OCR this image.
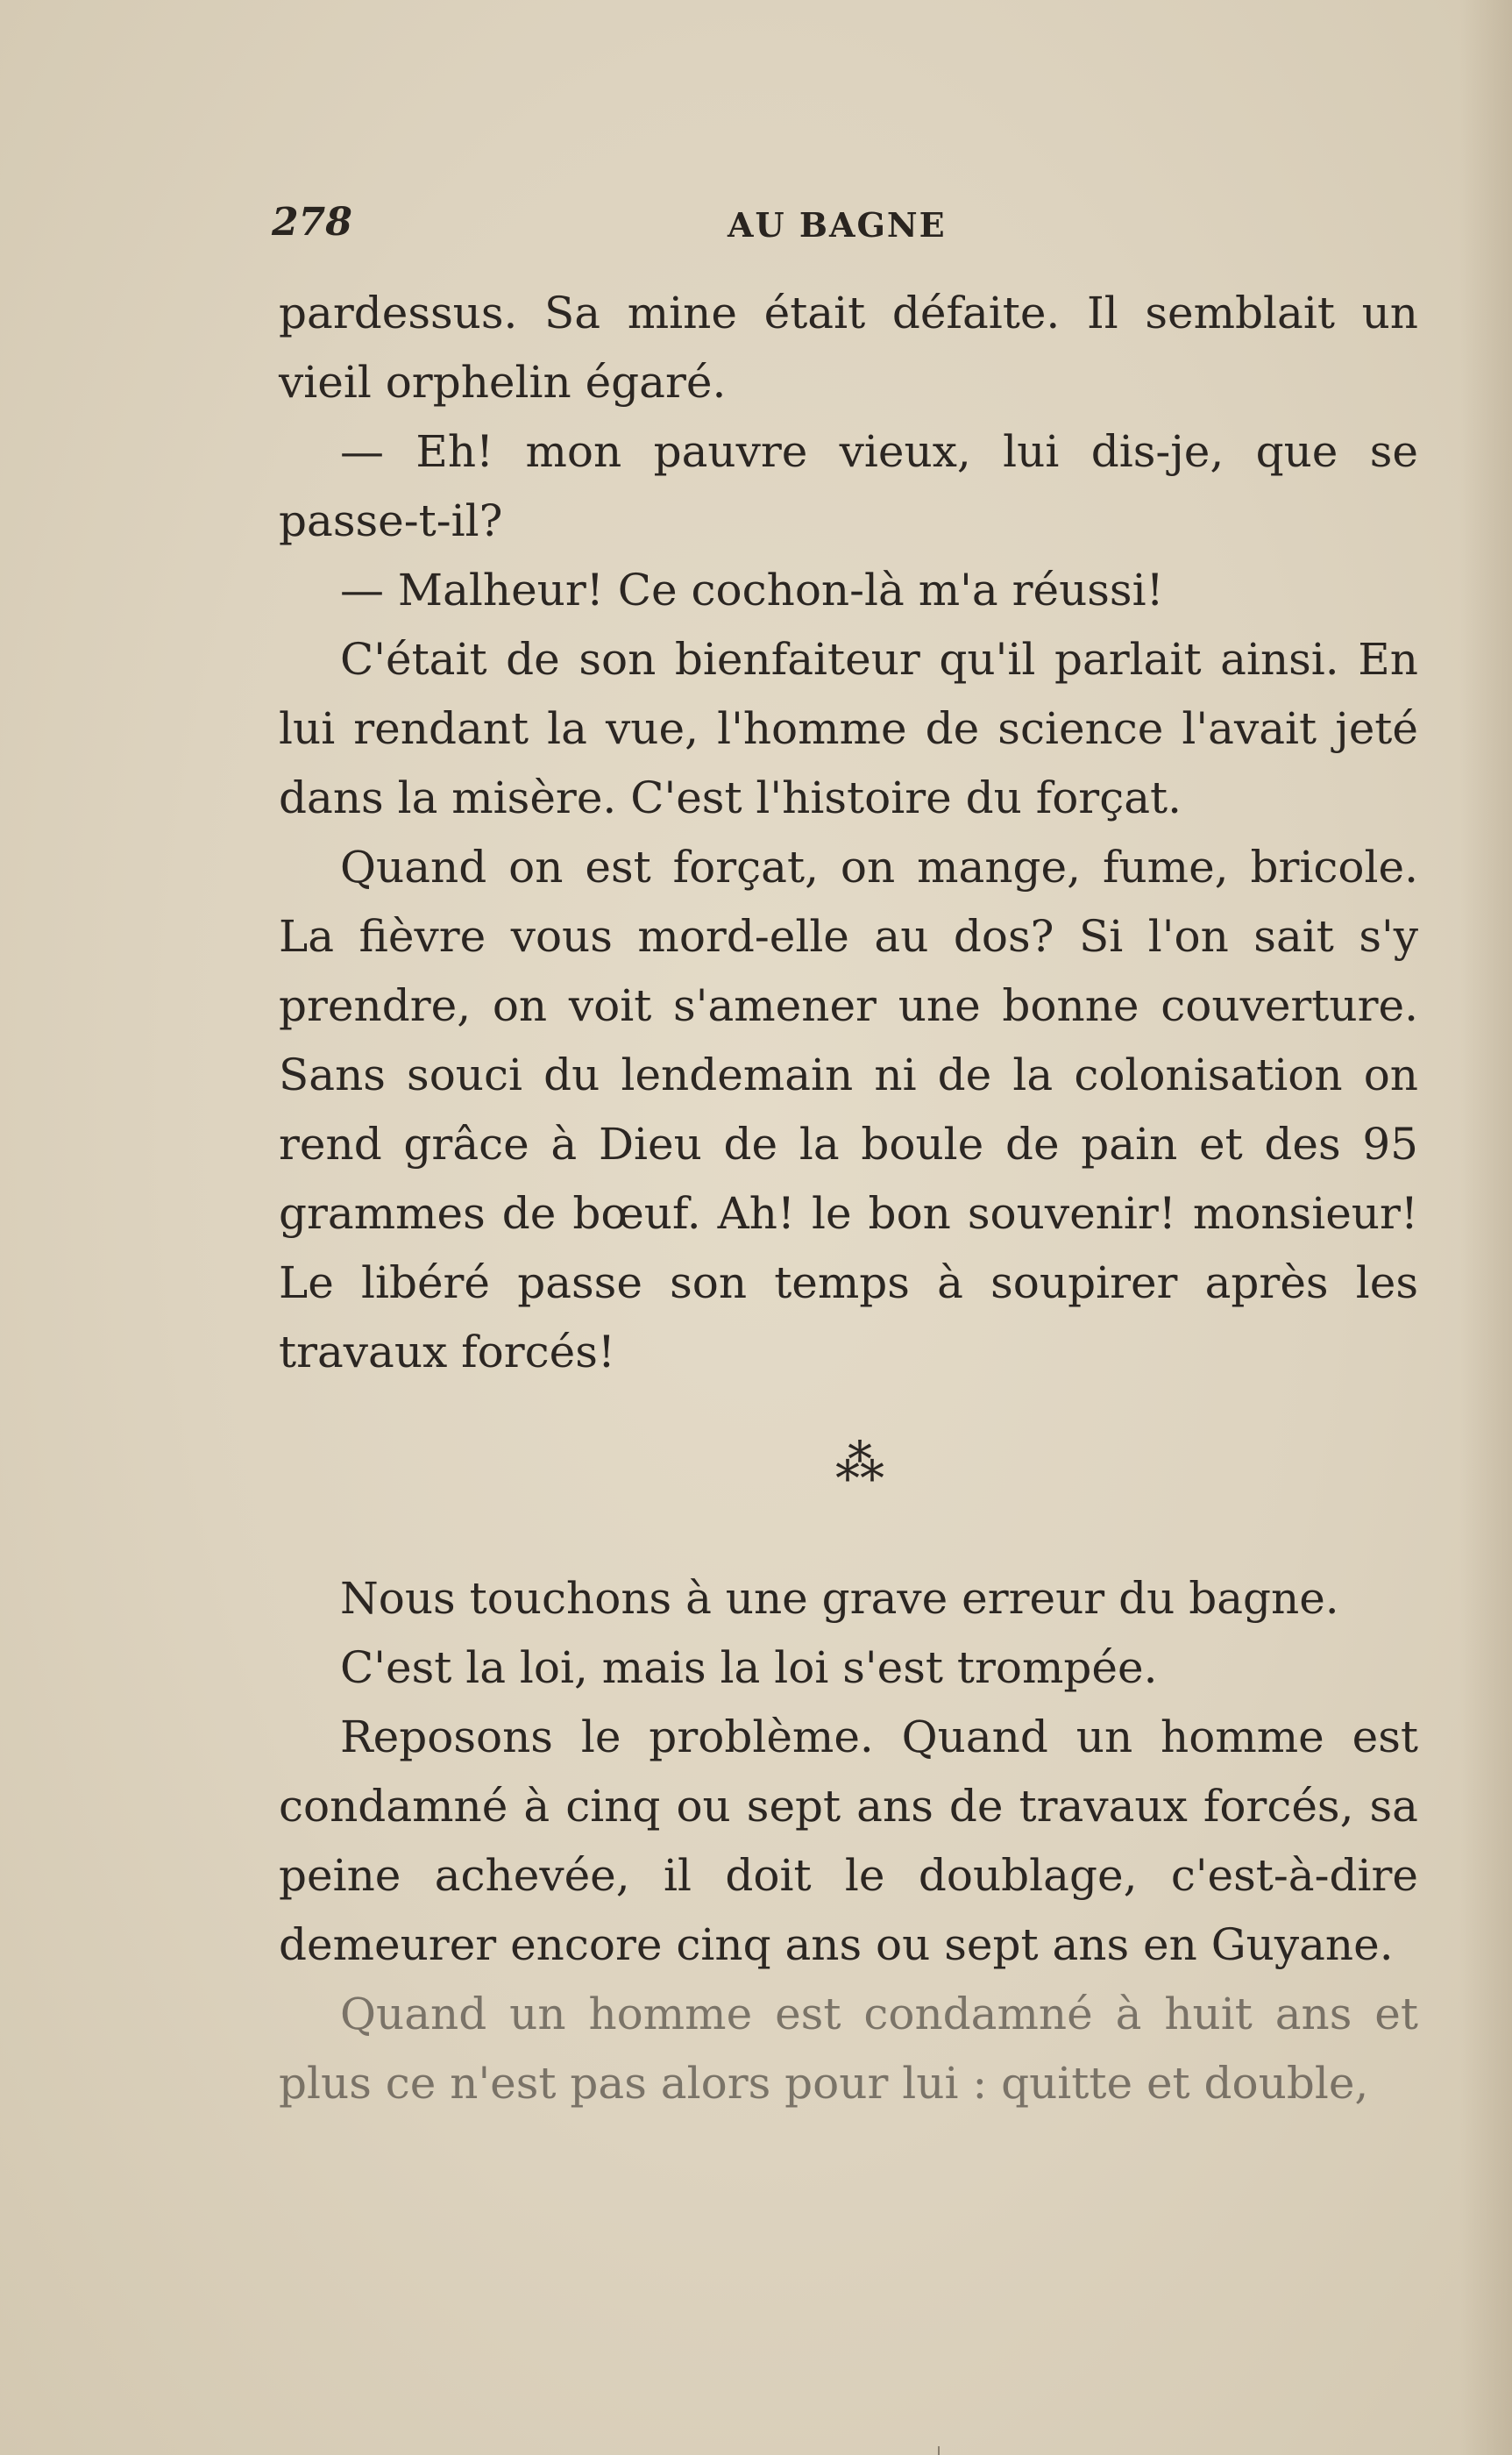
278	AU BAGNE

pardessus. Sa mine était défaite. Il semblait un vieil orphelin égaré.

— Eh! mon pauvre vieux, lui dis-je, que se passe-t-il?

— Malheur! Ce cochon-là m'a réussi!

C'était de son bienfaiteur qu'il parlait ainsi. En lui rendant la vue, l'homme de science l'avait jeté dans la misère. C'est l'histoire du forçat.

Quand on est forçat, on mange, fume, bricole. La fièvre vous mord-elle au dos? Si l'on sait s'y prendre, on voit s'amener une bonne couverture. Sans souci du lendemain ni de la colonisation on rend grâce à Dieu de la boule de pain et des 95 grammes de bœuf. Ah! le bon souvenir! monsieur! Le libéré passe son temps à soupirer après les travaux forcés!

⁂

Nous touchons à une grave erreur du bagne.

C'est la loi, mais la loi s'est trompée.

Reposons le problème. Quand un homme est condamné à cinq ou sept ans de travaux forcés, sa peine achevée, il doit le doublage, c'est-à-dire demeurer encore cinq ans ou sept ans en Guyane.

Quand un homme est condamné à huit ans et plus ce n'est pas alors pour lui : quitte et double,
